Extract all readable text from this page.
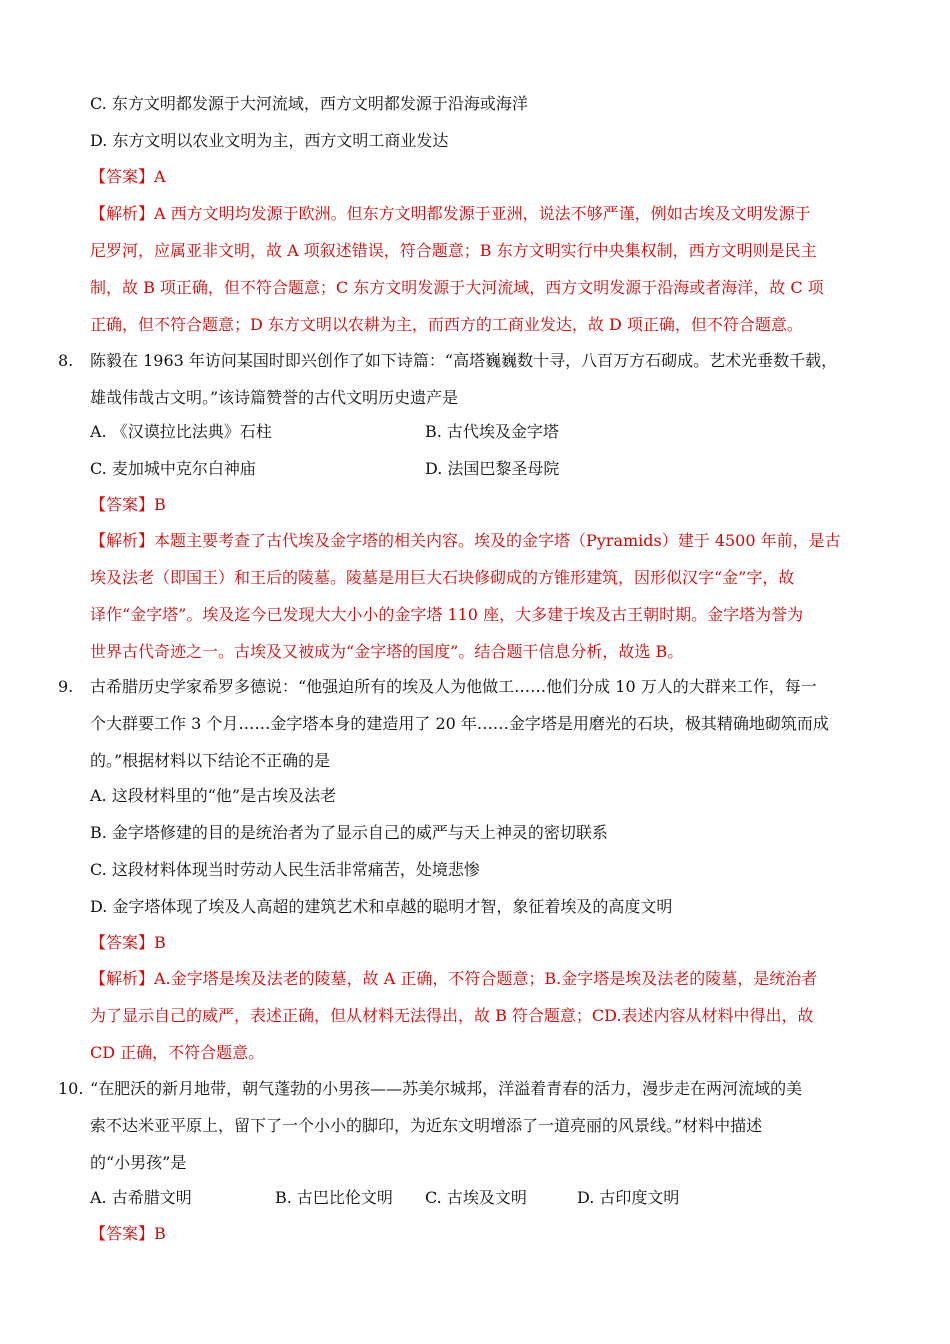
C. 东方文明都发源于大河流域，西方文明都发源于沿海或海洋
D. 东方文明以农业文明为主，西方文明工商业发达
【答案】A
【解析】A 西方文明均发源于欧洲。但东方文明都发源于亚洲，说法不够严谨，例如古埃及文明发源于
尼罗河，应属亚非文明，故 A 项叙述错误，符合题意；B 东方文明实行中央集权制，西方文明则是民主
制，故 B 项正确，但不符合题意；C 东方文明发源于大河流域，西方文明发源于沿海或者海洋，故 C 项
正确，但不符合题意；D 东方文明以农耕为主，而西方的工商业发达，故 D 项正确，但不符合题意。
8. 陈毅在 1963 年访问某国时即兴创作了如下诗篇：“高塔巍巍数十寻，八百万方石砌成。艺术光垂数千载，
雄哉伟哉古文明。”该诗篇赞誉的古代文明历史遗产是
A. 《汉谟拉比法典》石柱	B. 古代埃及金字塔
C. 麦加城中克尔白神庙	D. 法国巴黎圣母院
【答案】B
【解析】本题主要考查了古代埃及金字塔的相关内容。埃及的金字塔（Pyramids）建于 4500 年前，是古
埃及法老（即国王）和王后的陵墓。陵墓是用巨大石块修砌成的方锥形建筑，因形似汉字“金”字，故
译作“金字塔”。埃及迄今已发现大大小小的金字塔 110 座，大多建于埃及古王朝时期。金字塔为誉为
世界古代奇迹之一。古埃及又被成为“金字塔的国度”。结合题干信息分析，故选 B。
9. 古希腊历史学家希罗多德说：“他强迫所有的埃及人为他做工……他们分成 10 万人的大群来工作，每一
个大群要工作 3 个月……金字塔本身的建造用了 20 年……金字塔是用磨光的石块，极其精确地砌筑而成
的。”根据材料以下结论不正确的是
A. 这段材料里的“他”是古埃及法老
B. 金字塔修建的目的是统治者为了显示自己的威严与天上神灵的密切联系
C. 这段材料体现当时劳动人民生活非常痛苦，处境悲惨
D. 金字塔体现了埃及人高超的建筑艺术和卓越的聪明才智，象征着埃及的高度文明
【答案】B
【解析】A.金字塔是埃及法老的陵墓，故 A 正确，不符合题意；B.金字塔是埃及法老的陵墓，是统治者
为了显示自己的威严，表述正确，但从材料无法得出，故 B 符合题意；CD.表述内容从材料中得出，故
CD 正确，不符合题意。
10. “在肥沃的新月地带，朝气蓬勃的小男孩——苏美尔城邦，洋溢着青春的活力，漫步走在两河流域的美
索不达米亚平原上，留下了一个小小的脚印，为近东文明增添了一道亮丽的风景线。”材料中描述
的“小男孩”是
A. 古希腊文明	B. 古巴比伦文明 C. 古埃及文明	D. 古印度文明
【答案】B
